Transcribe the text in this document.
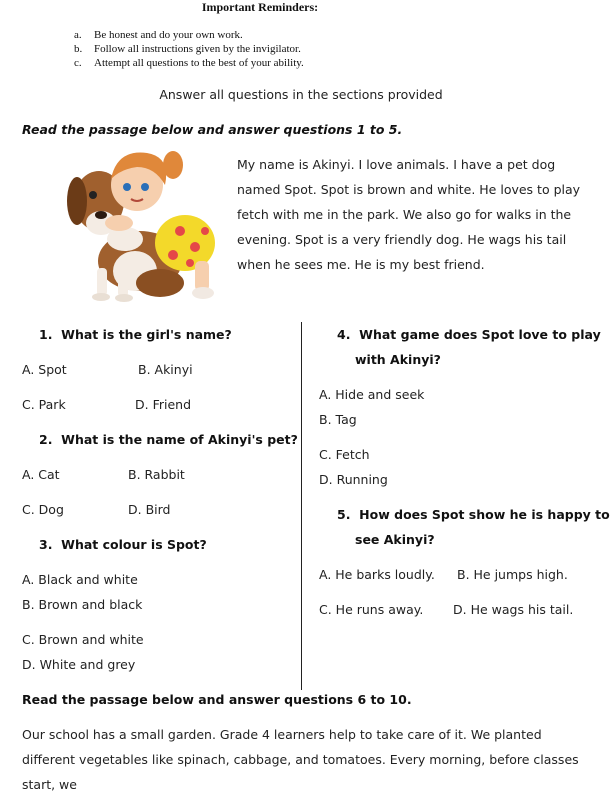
Important Reminders:
a. Be honest and do your own work.
b. Follow all instructions given by the invigilator.
c. Attempt all questions to the best of your ability.
Answer all questions in the sections provided
Read the passage below and answer questions 1 to 5.
My name is Akinyi. I love animals. I have a pet dog named Spot. Spot is brown and white. He loves to play fetch with me in the park. We also go for walks in the evening. Spot is a very friendly dog. He wags his tail when he sees me. He is my best friend.
1. What is the girl's name?
A. Spot	B. Akinyi
C. Park	D. Friend
2. What is the name of Akinyi's pet?
A. Cat	B. Rabbit
C. Dog	D. Bird
3. What colour is Spot?
A. Black and white
B. Brown and black
C. Brown and white
D. White and grey
4. What game does Spot love to play
with Akinyi?
A. Hide and seek
B. Tag
C. Fetch
D. Running
5. How does Spot show he is happy to
see Akinyi?
A. He barks loudly. B. He jumps high.
C. He runs away. D. He wags his tail.
Read the passage below and answer questions 6 to 10.
Our school has a small garden. Grade 4 learners help to take care of it. We planted different vegetables like spinach, cabbage, and tomatoes. Every morning, before classes start, we
